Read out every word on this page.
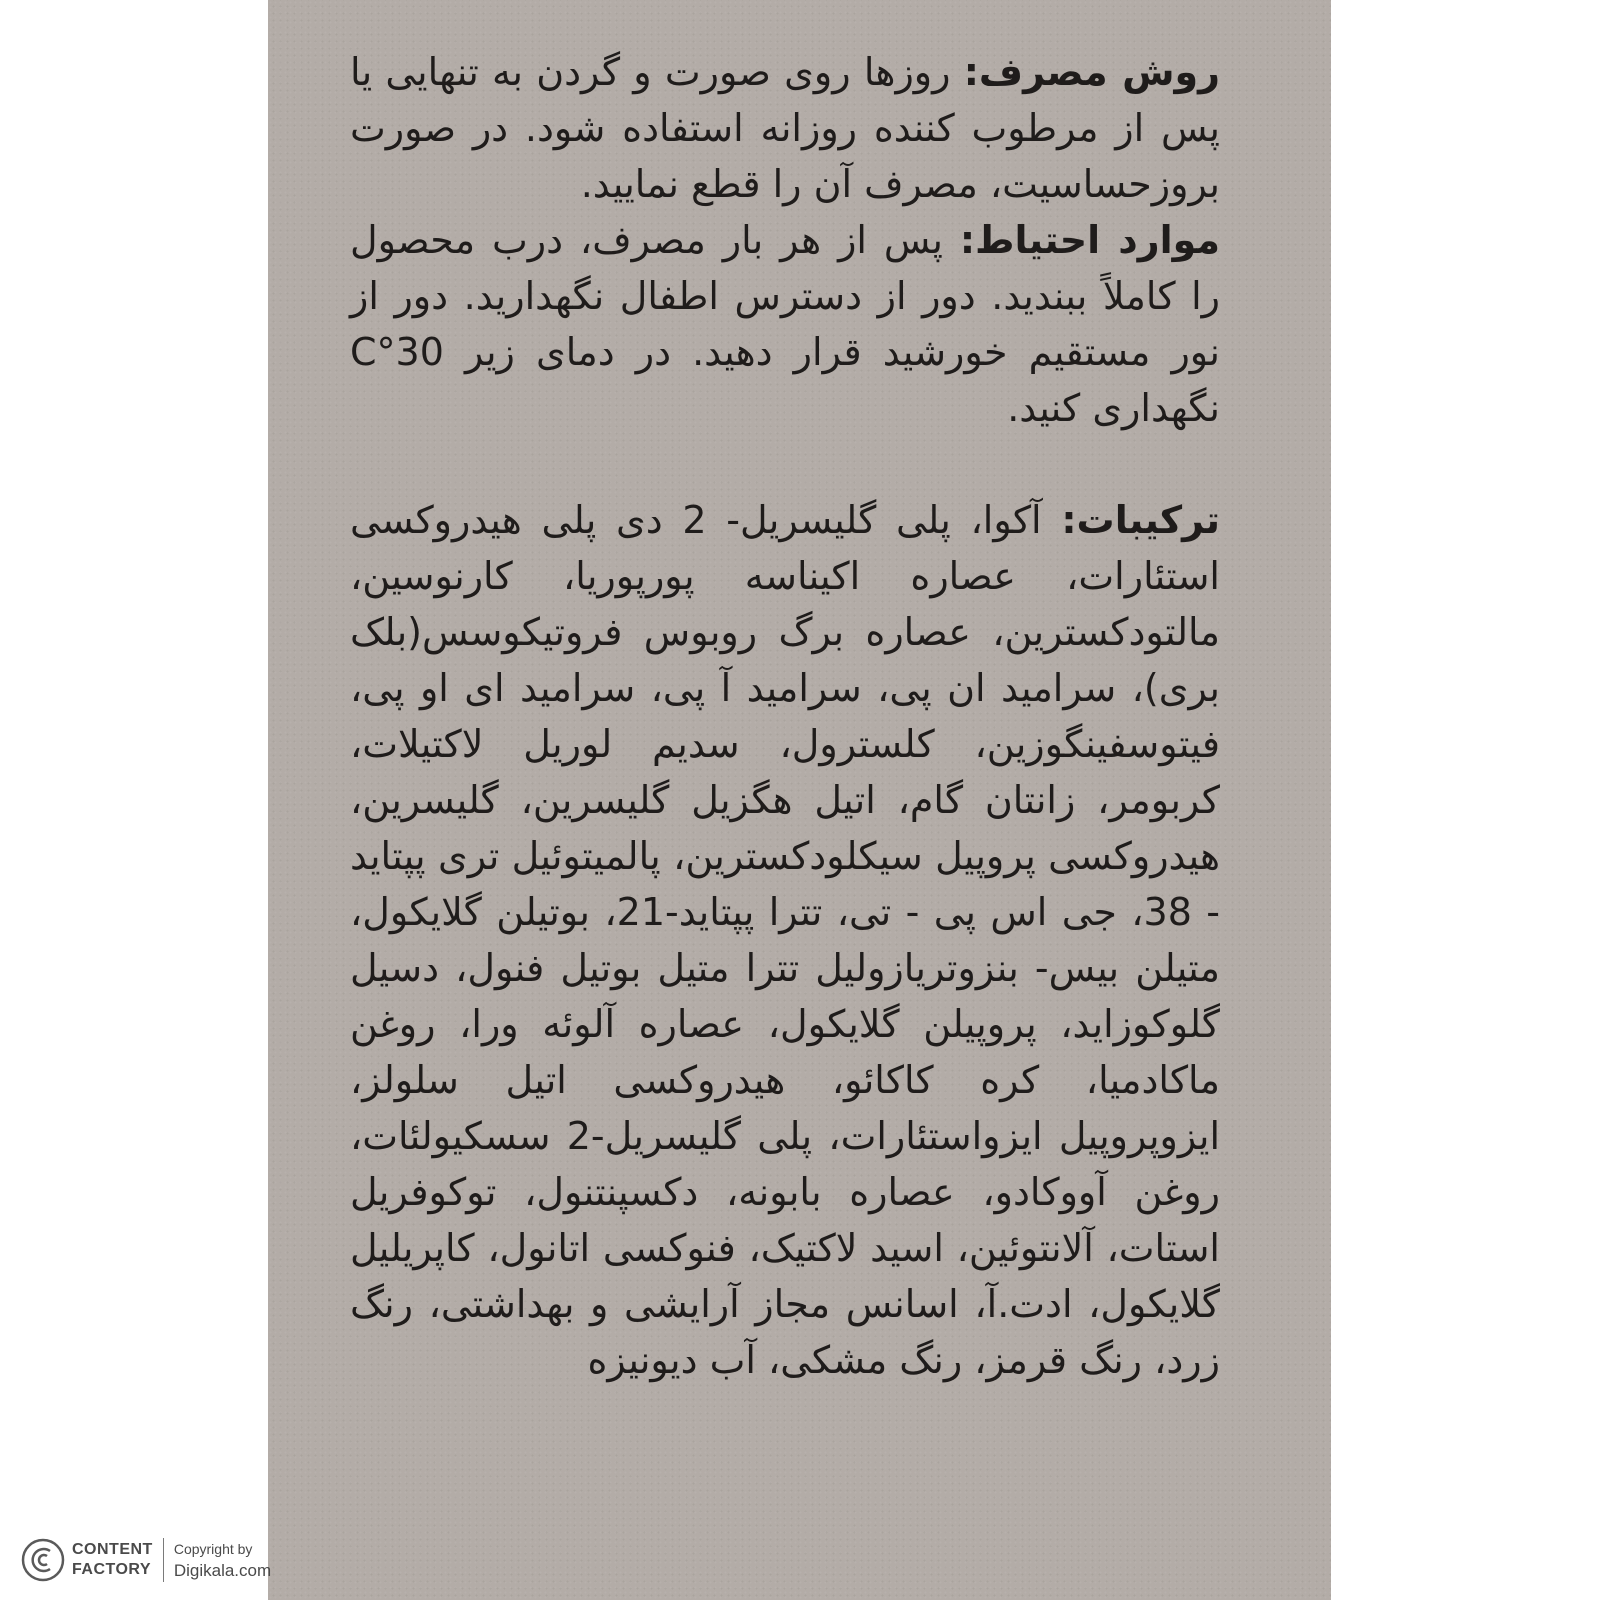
روش مصرف: روزها روی صورت و گردن به تنهایی یا پس از مرطوب کننده روزانه استفاده شود. در صورت بروزحساسیت، مصرف آن را قطع نمایید.

موارد احتیاط: پس از هر بار مصرف، درب محصول را کاملاً ببندید. دور از دسترس اطفال نگهدارید. دور از نور مستقیم خورشید قرار دهید. در دمای زیر 30°C نگهداری کنید.

ترکیبات: آکوا، پلی گلیسریل- 2 دی پلی هیدروکسی استئارات، عصاره اکیناسه پورپوریا، کارنوسین، مالتودکسترین، عصاره برگ روبوس فروتیکوسس(بلک بری)، سرامید ان پی، سرامید آ پی، سرامید ای او پی، فیتوسفینگوزین، کلسترول، سدیم لوریل لاکتیلات، کربومر، زانتان گام، اتیل هگزیل گلیسرین، گلیسرین، هیدروکسی پروپیل سیکلودکسترین، پالمیتوئیل تری پپتاید - 38، جی اس پی - تی، تترا پپتاید-21، بوتیلن گلایکول، متیلن بیس- بنزوتریازولیل تترا متیل بوتیل فنول، دسیل گلوکوزاید، پروپیلن گلایکول، عصاره آلوئه ورا، روغن ماکادمیا، کره کاکائو، هیدروکسی اتیل سلولز، ایزوپروپیل ایزواستئارات، پلی گلیسریل-2 سسکیولئات، روغن آووکادو، عصاره بابونه، دکسپنتنول، توکوفریل استات، آلانتوئین، اسید لاکتیک، فنوکسی اتانول، کاپریلیل گلایکول، ادت.آ، اسانس مجاز آرایشی و بهداشتی، رنگ زرد، رنگ قرمز، رنگ مشکی، آب دیونیزه

CONTENT
FACTORY
Copyright by
Digikala.com
